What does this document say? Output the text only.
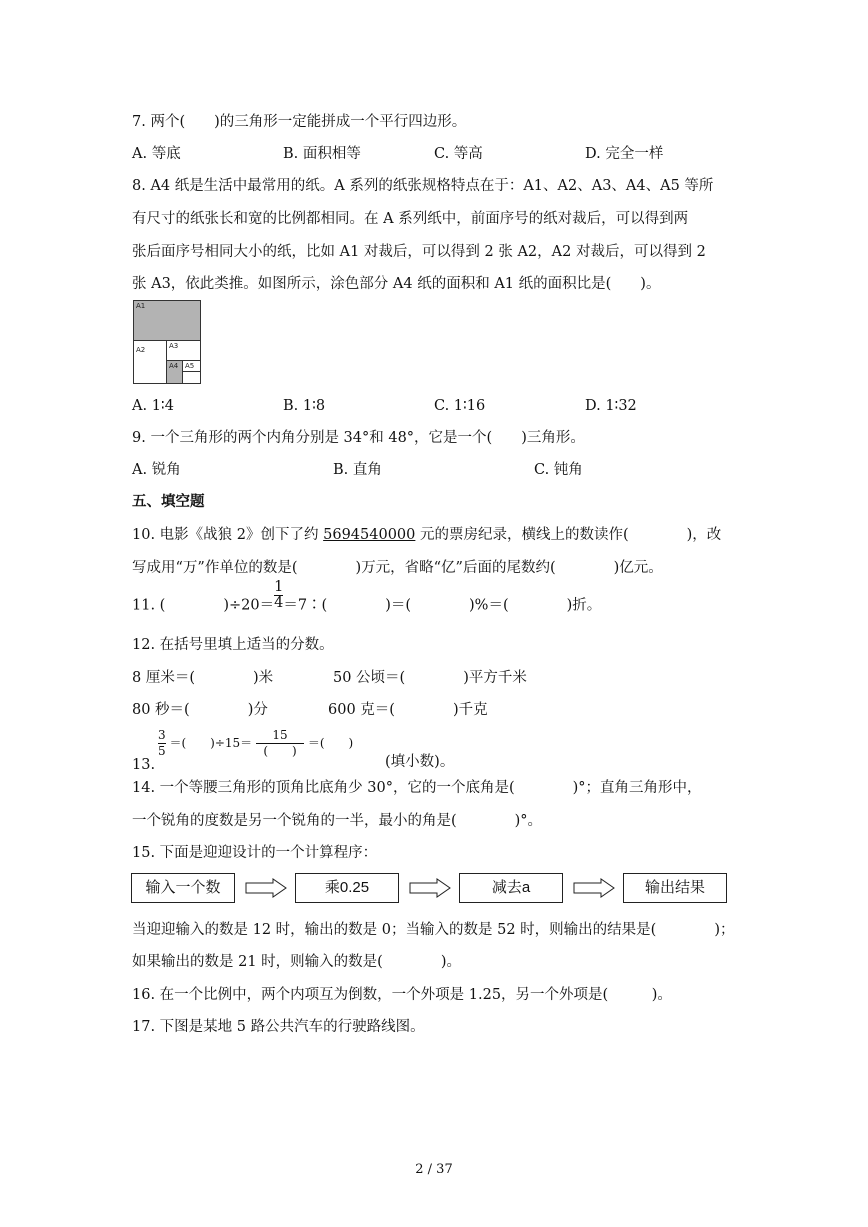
7. 两个(　　)的三角形一定能拼成一个平行四边形。
A. 等底	B. 面积相等	C. 等高	D. 完全一样
8. A4 纸是生活中最常用的纸。A 系列的纸张规格特点在于：A1、A2、A3、A4、A5 等所
有尺寸的纸张长和宽的比例都相同。在 A 系列纸中，前面序号的纸对裁后，可以得到两
张后面序号相同大小的纸，比如 A1 对裁后，可以得到 2 张 A2，A2 对裁后，可以得到 2
张 A3，依此类推。如图所示，涂色部分 A4 纸的面积和 A1 纸的面积比是(　　)。
A1
A2	A3
A4 A5
A. 1∶4	B. 1∶8	C. 1∶16	D. 1∶32
9. 一个三角形的两个内角分别是 34°和 48°，它是一个(　　)三角形。
A. 锐角	B. 直角	C. 钝角
五、填空题
10. 电影《战狼 2》创下了约 5694540000 元的票房纪录，横线上的数读作(　　　　)，改
写成用“万”作单位的数是(　　　　)万元，省略“亿”后面的尾数约(　　　　)亿元。
11. (　　　　)$\div 20= \frac{1}{4}$ ＝7∶(　　　　)＝(　　　　)%＝(　　　　)折。
12. 在括号里填上适当的分数。
8 厘米＝(　　　　)米	50 公顷＝(　　　　)平方千米
80 秒＝(　　　　)分	600 克＝(　　　　)千克
13.
$\frac{3}{5}$ ＝(　　)$\div 15= \frac{15}{( )}$ ＝(　　)
(填小数)。
14. 一个等腰三角形的顶角比底角少 30°，它的一个底角是(　　　　)°；直角三角形中，
一个锐角的度数是另一个锐角的一半，最小的角是(　　　　)°。
15. 下面是迎迎设计的一个计算程序：
输入一个数	乘0.25	减去a	输出结果
当迎迎输入的数是 12 时，输出的数是 0；当输入的数是 52 时，则输出的结果是(　　　　)；
如果输出的数是 21 时，则输入的数是(　　　　)。
16. 在一个比例中，两个内项互为倒数，一个外项是 1.25，另一个外项是(　　　)。
17. 下图是某地 5 路公共汽车的行驶路线图。
2 / 37
